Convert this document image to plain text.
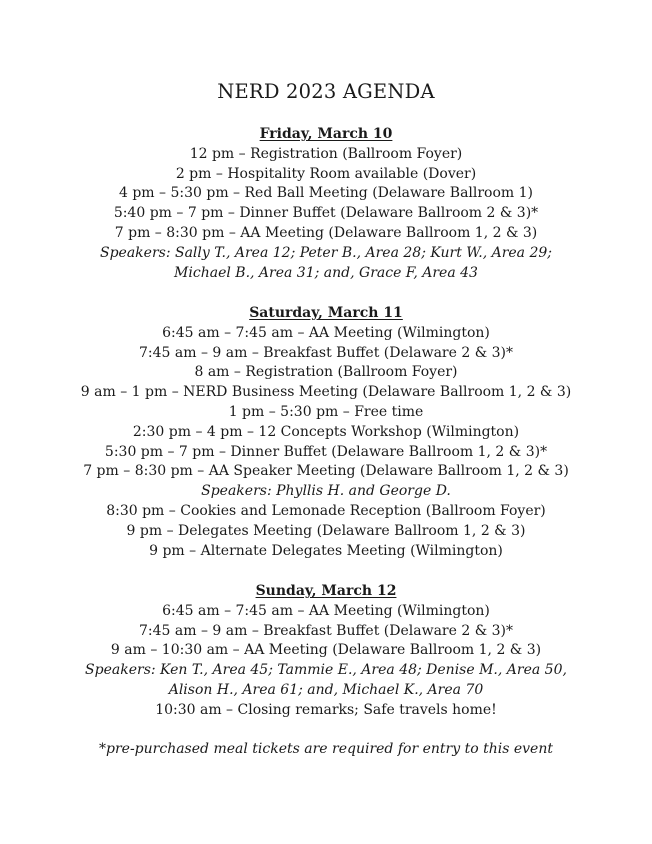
NERD 2023 AGENDA
Friday, March 10
12 pm – Registration (Ballroom Foyer)
2 pm – Hospitality Room available (Dover)
4 pm – 5:30 pm – Red Ball Meeting (Delaware Ballroom 1)
5:40 pm – 7 pm – Dinner Buffet (Delaware Ballroom 2 & 3)*
7 pm – 8:30 pm – AA Meeting (Delaware Ballroom 1, 2 & 3)
Speakers: Sally T., Area 12; Peter B., Area 28; Kurt W., Area 29;
Michael B., Area 31; and, Grace F, Area 43
Saturday, March 11
6:45 am – 7:45 am – AA Meeting (Wilmington)
7:45 am – 9 am – Breakfast Buffet (Delaware 2 & 3)*
8 am – Registration (Ballroom Foyer)
9 am – 1 pm – NERD Business Meeting (Delaware Ballroom 1, 2 & 3)
1 pm – 5:30 pm – Free time
2:30 pm – 4 pm – 12 Concepts Workshop (Wilmington)
5:30 pm – 7 pm – Dinner Buffet (Delaware Ballroom 1, 2 & 3)*
7 pm – 8:30 pm – AA Speaker Meeting (Delaware Ballroom 1, 2 & 3)
Speakers: Phyllis H. and George D.
8:30 pm – Cookies and Lemonade Reception (Ballroom Foyer)
9 pm – Delegates Meeting (Delaware Ballroom 1, 2 & 3)
9 pm – Alternate Delegates Meeting (Wilmington)
Sunday, March 12
6:45 am – 7:45 am – AA Meeting (Wilmington)
7:45 am – 9 am – Breakfast Buffet (Delaware 2 & 3)*
9 am – 10:30 am – AA Meeting (Delaware Ballroom 1, 2 & 3)
Speakers: Ken T., Area 45; Tammie E., Area 48; Denise M., Area 50,
Alison H., Area 61; and, Michael K., Area 70
10:30 am – Closing remarks; Safe travels home!
*pre-purchased meal tickets are required for entry to this event
